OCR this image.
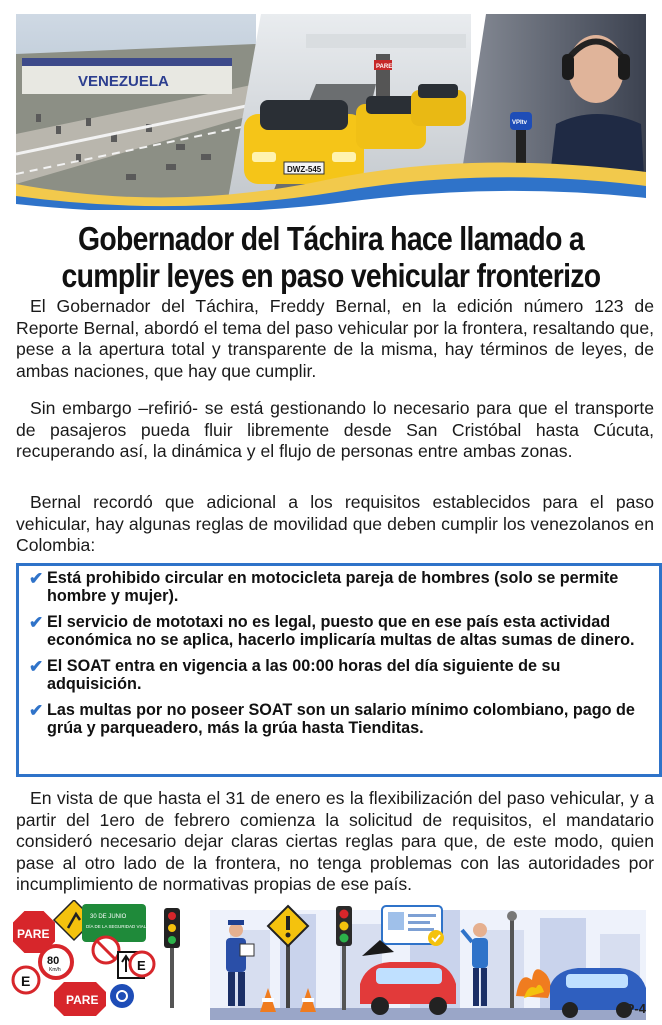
VENEZUELA
PARE
DWZ-545
VPItv
Gobernador del Táchira hace llamado a
cumplir leyes en paso vehicular fronterizo

El Gobernador del Táchira, Freddy Bernal, en la edición número 123 de Reporte Bernal, abordó el tema del paso vehicular por la frontera, resaltando que, pese a la apertura total y transparente de la misma, hay términos de leyes, de ambas naciones, que hay que cumplir.

Sin embargo –refirió- se está gestionando lo necesario para que el transporte de pasajeros pueda fluir libremente desde San Cristóbal hasta Cúcuta, recuperando así, la dinámica y el flujo de personas entre ambas zonas.

Bernal recordó que adicional a los requisitos establecidos para el paso vehicular, hay algunas reglas de movilidad que deben cumplir los venezolanos en Colombia:

✔ Está prohibido circular en motocicleta pareja de hombres (solo se permite hombre y mujer).
✔ El servicio de mototaxi no es legal, puesto que en ese país esta actividad económica no se aplica, hacerlo implicaría multas de altas sumas de dinero.
✔ El SOAT entra en vigencia a las 00:00 horas del día siguiente de su adquisición.
✔ Las multas por no poseer SOAT son un salario mínimo colombiano, pago de grúa y parqueadero, más la grúa hasta Tienditas.

En vista de que hasta el 31 de enero es la flexibilización del paso vehicular, y a partir del 1ero de febrero comienza la solicitud de requisitos, el mandatario consideró necesario dejar claras ciertas reglas para que, de este modo, quien pase al otro lado de la frontera, no tenga problemas con las autoridades por incumplimiento de normativas propias de ese país.

PARE
30 DE JUNIO
DÍA DE LA SEGURIDAD VIAL
80
Km/h
E
PARE
E
P-4
